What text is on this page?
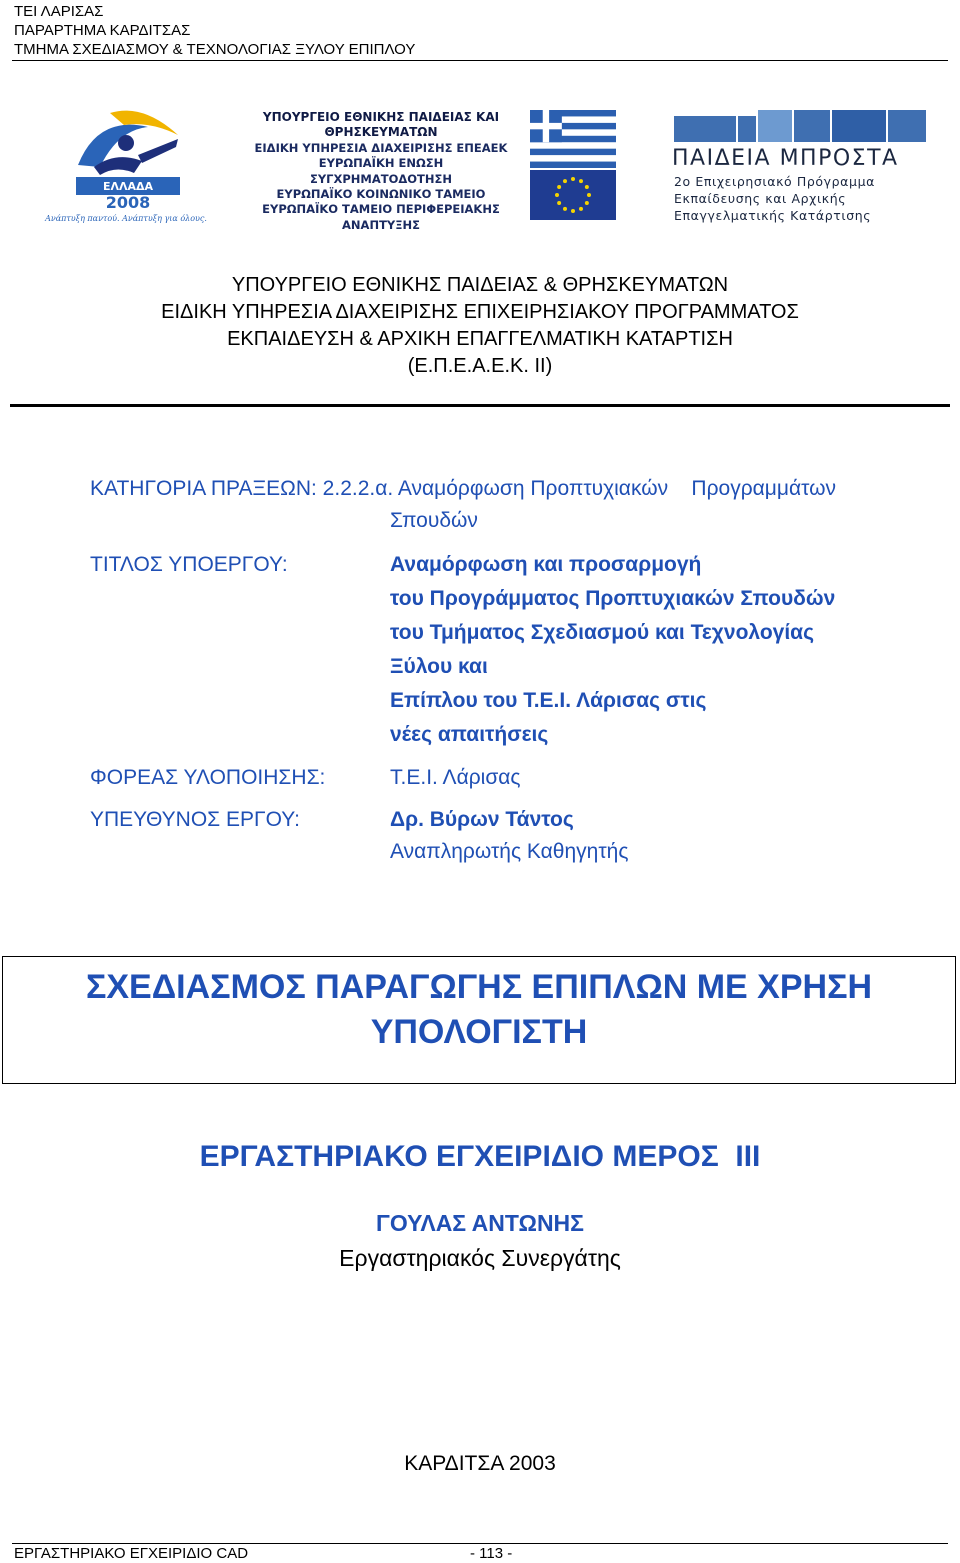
ΤΕΙ ΛΑΡΙΣΑΣ
ΠΑΡΑΡΤΗΜΑ ΚΑΡΔΙΤΣΑΣ
ΤΜΗΜΑ ΣΧΕΔΙΑΣΜΟΥ & ΤΕΧΝΟΛΟΓΙΑΣ ΞΥΛΟΥ ΕΠΙΠΛΟΥ
ΕΛΛΑΔΑ
2008
Ανάπτυξη παντού. Ανάπτυξη για όλους.
ΥΠΟΥΡΓΕΙΟ ΕΘΝΙΚΗΣ ΠΑΙΔΕΙΑΣ ΚΑΙ ΘΡΗΣΚΕΥΜΑΤΩΝ
ΕΙΔΙΚΗ ΥΠΗΡΕΣΙΑ ΔΙΑΧΕΙΡΙΣΗΣ ΕΠΕΑΕΚ
ΕΥΡΩΠΑΪΚΗ ΕΝΩΣΗ
ΣΥΓΧΡΗΜΑΤΟΔΟΤΗΣΗ
ΕΥΡΩΠΑΪΚΟ ΚΟΙΝΩΝΙΚΟ ΤΑΜΕΙΟ
ΕΥΡΩΠΑΪΚΟ ΤΑΜΕΙΟ ΠΕΡΙΦΕΡΕΙΑΚΗΣ ΑΝΑΠΤΥΞΗΣ
ΠΑΙΔΕΙΑ ΜΠΡΟΣΤΑ
2ο Επιχειρησιακό Πρόγραμμα
Εκπαίδευσης και Αρχικής
Επαγγελματικής Κατάρτισης
ΥΠΟΥΡΓΕΙΟ ΕΘΝΙΚΗΣ ΠΑΙΔΕΙΑΣ & ΘΡΗΣΚΕΥΜΑΤΩΝ
ΕΙΔΙΚΗ ΥΠΗΡΕΣΙΑ ΔΙΑΧΕΙΡΙΣΗΣ ΕΠΙΧΕΙΡΗΣΙΑΚΟΥ ΠΡΟΓΡΑΜΜΑΤΟΣ
ΕΚΠΑΙΔΕΥΣΗ & ΑΡΧΙΚΗ ΕΠΑΓΓΕΛΜΑΤΙΚΗ ΚΑΤΑΡΤΙΣΗ
(Ε.Π.Ε.Α.Ε.Κ. ΙΙ)
ΚΑΤΗΓΟΡΙΑ ΠΡΑΞΕΩΝ: 2.2.2.α. Αναμόρφωση Προπτυχιακών    Προγραμμάτων
Σπουδών
ΤΙΤΛΟΣ ΥΠΟΕΡΓΟΥ:	Αναμόρφωση και προσαρμογή
του Προγράμματος Προπτυχιακών Σπουδών
του Τμήματος Σχεδιασμού και Τεχνολογίας
Ξύλου και
Επίπλου του Τ.Ε.Ι. Λάρισας στις
νέες απαιτήσεις
ΦΟΡΕΑΣ ΥΛΟΠΟΙΗΣΗΣ:	Τ.Ε.Ι. Λάρισας
ΥΠΕΥΘΥΝΟΣ ΕΡΓΟΥ:	Δρ. Βύρων Τάντος
Αναπληρωτής Καθηγητής
ΣΧΕΔΙΑΣΜΟΣ ΠΑΡΑΓΩΓΗΣ ΕΠΙΠΛΩΝ ΜΕ ΧΡΗΣΗ
ΥΠΟΛΟΓΙΣΤΗ
ΕΡΓΑΣΤΗΡΙΑΚΟ ΕΓΧΕΙΡΙΔΙΟ ΜΕΡΟΣ  ΙΙΙ
ΓΟΥΛΑΣ ΑΝΤΩΝΗΣ
Εργαστηριακός Συνεργάτης
ΚΑΡΔΙΤΣΑ 2003
ΕΡΓΑΣΤΗΡΙΑΚΟ ΕΓΧΕΙΡΙΔΙΟ CAD	- 113 -
